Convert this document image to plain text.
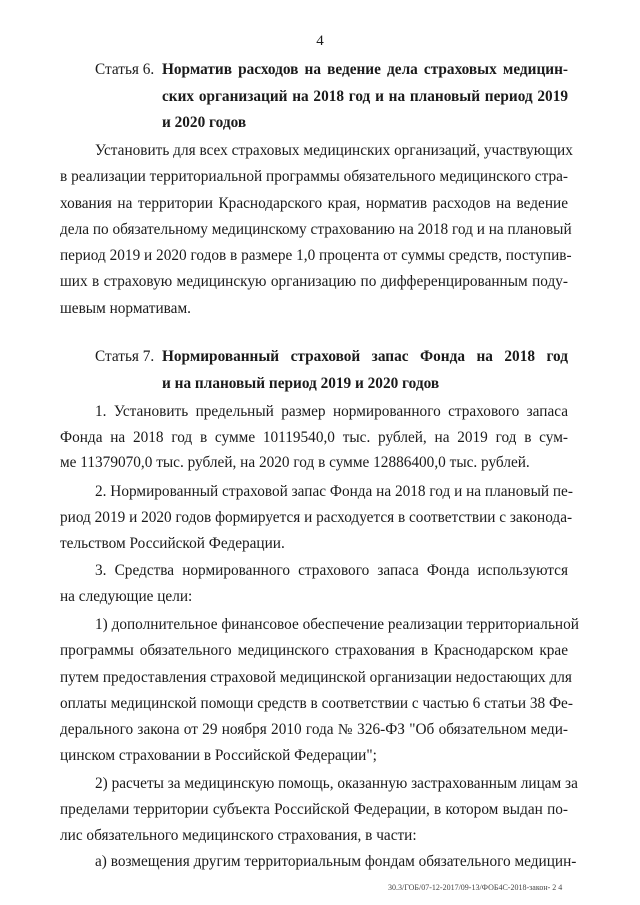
4
Статья 6. Норматив расходов на ведение дела страховых медицин-
ских организаций на 2018 год и на плановый период 2019
и 2020 годов
Установить для всех страховых медицинских организаций, участвующих
в реализации территориальной программы обязательного медицинского стра-
хования на территории Краснодарского края, норматив расходов на ведение
дела по обязательному медицинскому страхованию на 2018 год и на плановый
период 2019 и 2020 годов в размере 1,0 процента от суммы средств, поступив-
ших в страховую медицинскую организацию по дифференцированным поду-
шевым нормативам.
Статья 7. Нормированный страховой запас Фонда на 2018 год
и на плановый период 2019 и 2020 годов
1. Установить предельный размер нормированного страхового запаса
Фонда на 2018 год в сумме 10119540,0 тыс. рублей, на 2019 год в сум-
ме 11379070,0 тыс. рублей, на 2020 год в сумме 12886400,0 тыс. рублей.
2. Нормированный страховой запас Фонда на 2018 год и на плановый пе-
риод 2019 и 2020 годов формируется и расходуется в соответствии с законода-
тельством Российской Федерации.
3. Средства нормированного страхового запаса Фонда используются
на следующие цели:
1) дополнительное финансовое обеспечение реализации территориальной
программы обязательного медицинского страхования в Краснодарском крае
путем предоставления страховой медицинской организации недостающих для
оплаты медицинской помощи средств в соответствии с частью 6 статьи 38 Фе-
дерального закона от 29 ноября 2010 года № 326-ФЗ "Об обязательном меди-
цинском страховании в Российской Федерации";
2) расчеты за медицинскую помощь, оказанную застрахованным лицам за
пределами территории субъекта Российской Федерации, в котором выдан по-
лис обязательного медицинского страхования, в части:
а) возмещения другим территориальным фондам обязательного медицин-
30.3/ГОБ/07-12-2017/09-13/ФОБ4С-2018-закон- 2 4
